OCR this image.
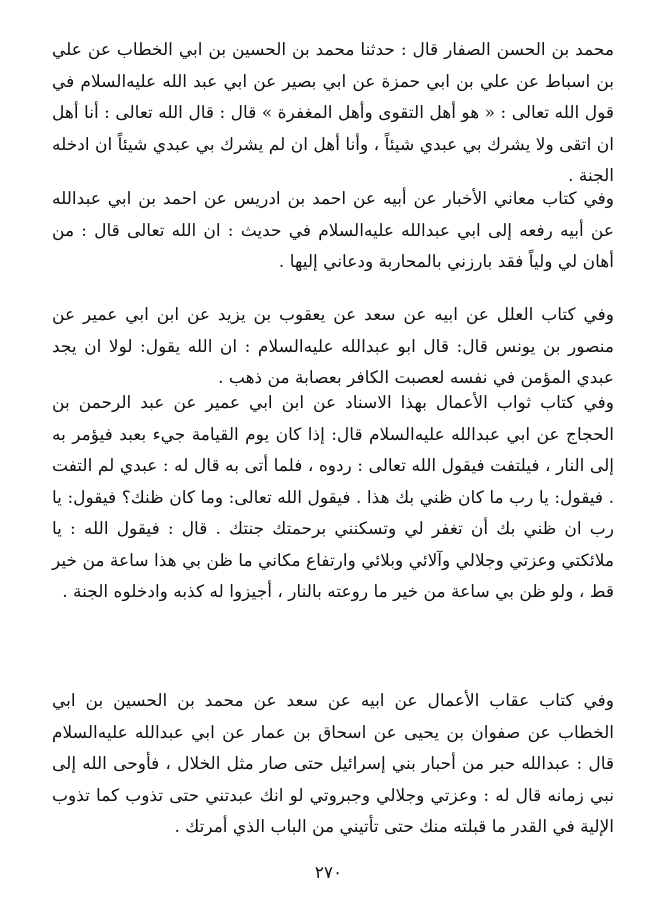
محمد بن الحسن الصفار قال : حدثنا محمد بن الحسين بن ابي الخطاب عن علي بن اسباط عن علي بن ابي حمزة عن ابي بصير عن ابي عبد الله عليه‌السلام في قول الله تعالى : « هو أهل التقوى وأهل المغفرة » قال : قال الله تعالى : أنا أهل ان اتقى ولا يشرك بي عبدي شيئاً ، وأنا أهل ان لم يشرك بي عبدي شيئاً ان ادخله الجنة .

وفي كتاب معاني الأخبار عن أبيه عن احمد بن ادريس عن احمد بن ابي عبدالله عن أبيه رفعه إلى ابي عبدالله عليه‌السلام في حديث : ان الله تعالى قال : من أهان لي ولياً فقد بارزني بالمحاربة ودعاني إليها .

وفي كتاب العلل عن ابيه عن سعد عن يعقوب بن يزيد عن ابن ابي عمير عن منصور بن يونس قال: قال ابو عبدالله عليه‌السلام : ان الله يقول: لولا ان يجد عبدي المؤمن في نفسه لعصبت الكافر بعصابة من ذهب .

وفي كتاب ثواب الأعمال بهذا الاسناد عن ابن ابي عمير عن عبد الرحمن بن الحجاج عن ابي عبدالله عليه‌السلام قال: إذا كان يوم القيامة جيء بعبد فيؤمر به إلى النار ، فيلتفت فيقول الله تعالى : ردوه ، فلما أتى به قال له : عبدي لم التفت . فيقول: يا رب ما كان ظني بك هذا . فيقول الله تعالى: وما كان ظنك؟ فيقول: يا رب ان ظني بك أن تغفر لي وتسكنني برحمتك جنتك . قال : فيقول الله : يا ملائكتي وعزتي وجلالي وآلائي وبلائي وارتفاع مكاني ما ظن بي هذا ساعة من خير قط ، ولو ظن بي ساعة من خير ما روعته بالنار ، أجيزوا له كذبه وادخلوه الجنة .

وفي كتاب عقاب الأعمال عن ابيه عن سعد عن محمد بن الحسين بن ابي الخطاب عن صفوان بن يحيى عن اسحاق بن عمار عن ابي عبدالله عليه‌السلام قال : عبدالله حبر من أحبار بني إسرائيل حتى صار مثل الخلال ، فأوحى الله إلى نبي زمانه قال له : وعزتي وجلالي وجبروتي لو انك عبدتني حتى تذوب كما تذوب الإلية في القدر ما قبلته منك حتى تأتيني من الباب الذي أمرتك .

٢٧٠
